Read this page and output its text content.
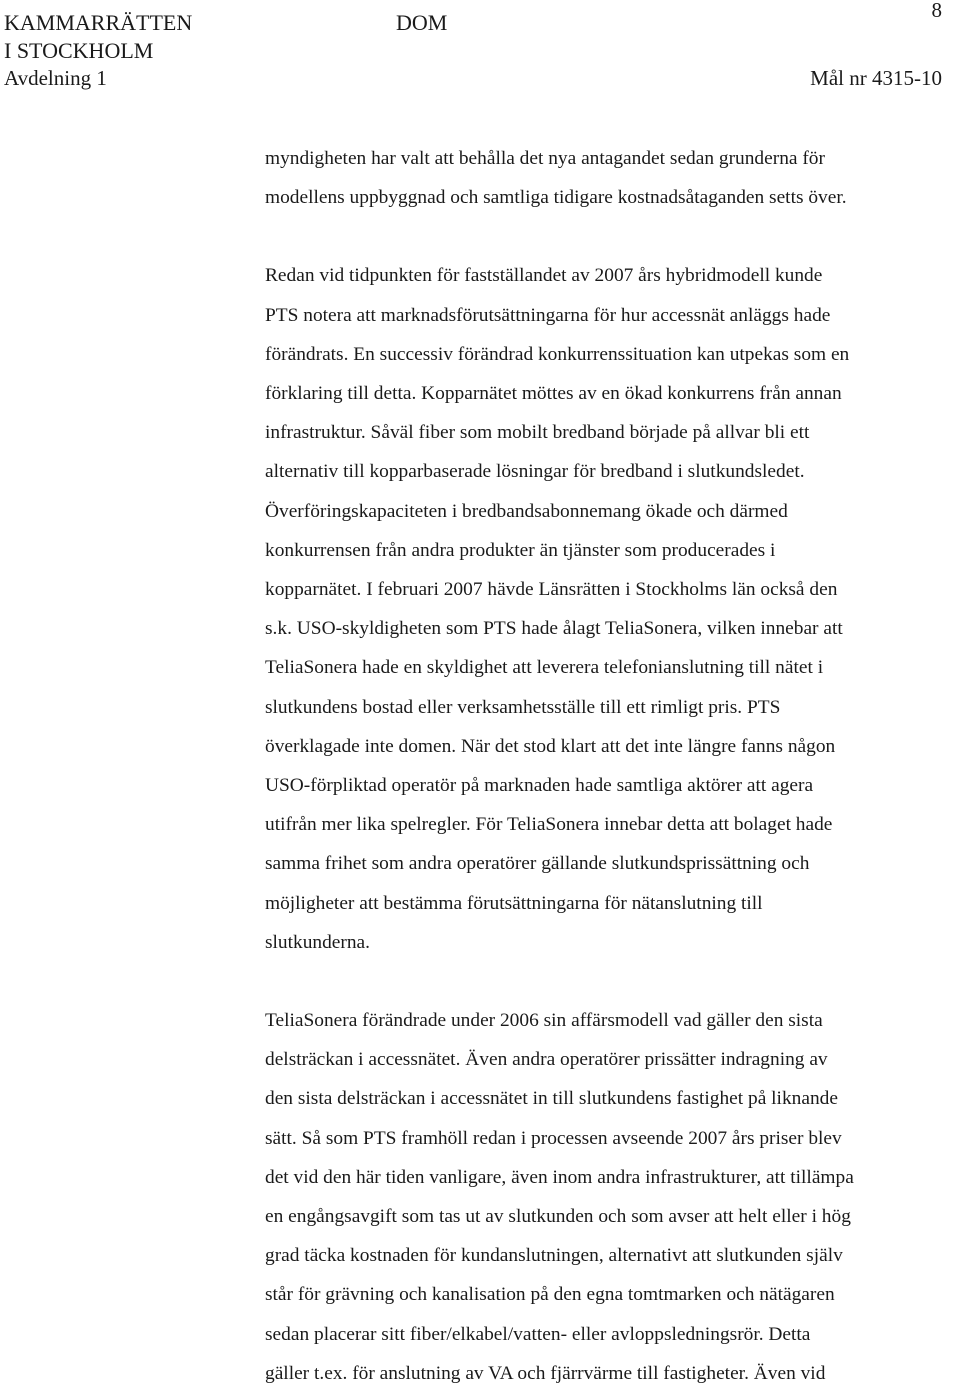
KAMMARRÄTTEN
I STOCKHOLM
DOM
Avdelning 1	Mål nr 4315-10
8

myndigheten har valt att behålla det nya antagandet sedan grunderna för
modellens uppbyggnad och samtliga tidigare kostnadsåtaganden setts över.

Redan vid tidpunkten för fastställandet av 2007 års hybridmodell kunde
PTS notera att marknadsförutsättningarna för hur accessnät anläggs hade
förändrats. En successiv förändrad konkurrenssituation kan utpekas som en
förklaring till detta. Kopparnätet möttes av en ökad konkurrens från annan
infrastruktur. Såväl fiber som mobilt bredband började på allvar bli ett
alternativ till kopparbaserade lösningar för bredband i slutkundsledet.
Överföringskapaciteten i bredbandsabonnemang ökade och därmed
konkurrensen från andra produkter än tjänster som producerades i
kopparnätet. I februari 2007 hävde Länsrätten i Stockholms län också den
s.k. USO-skyldigheten som PTS hade ålagt TeliaSonera, vilken innebar att
TeliaSonera hade en skyldighet att leverera telefonianslutning till nätet i
slutkundens bostad eller verksamhetsställe till ett rimligt pris. PTS
överklagade inte domen. När det stod klart att det inte längre fanns någon
USO-förpliktad operatör på marknaden hade samtliga aktörer att agera
utifrån mer lika spelregler. För TeliaSonera innebar detta att bolaget hade
samma frihet som andra operatörer gällande slutkundsprissättning och
möjligheter att bestämma förutsättningarna för nätanslutning till
slutkunderna.

TeliaSonera förändrade under 2006 sin affärsmodell vad gäller den sista
delsträckan i accessnätet. Även andra operatörer prissätter indragning av
den sista delsträckan i accessnätet in till slutkundens fastighet på liknande
sätt. Så som PTS framhöll redan i processen avseende 2007 års priser blev
det vid den här tiden vanligare, även inom andra infrastrukturer, att tillämpa
en engångsavgift som tas ut av slutkunden och som avser att helt eller i hög
grad täcka kostnaden för kundanslutningen, alternativt att slutkunden själv
står för grävning och kanalisation på den egna tomtmarken och nätägaren
sedan placerar sitt fiber/elkabel/vatten- eller avloppsledningsrör. Detta
gäller t.ex. för anslutning av VA och fjärrvärme till fastigheter. Även vid
